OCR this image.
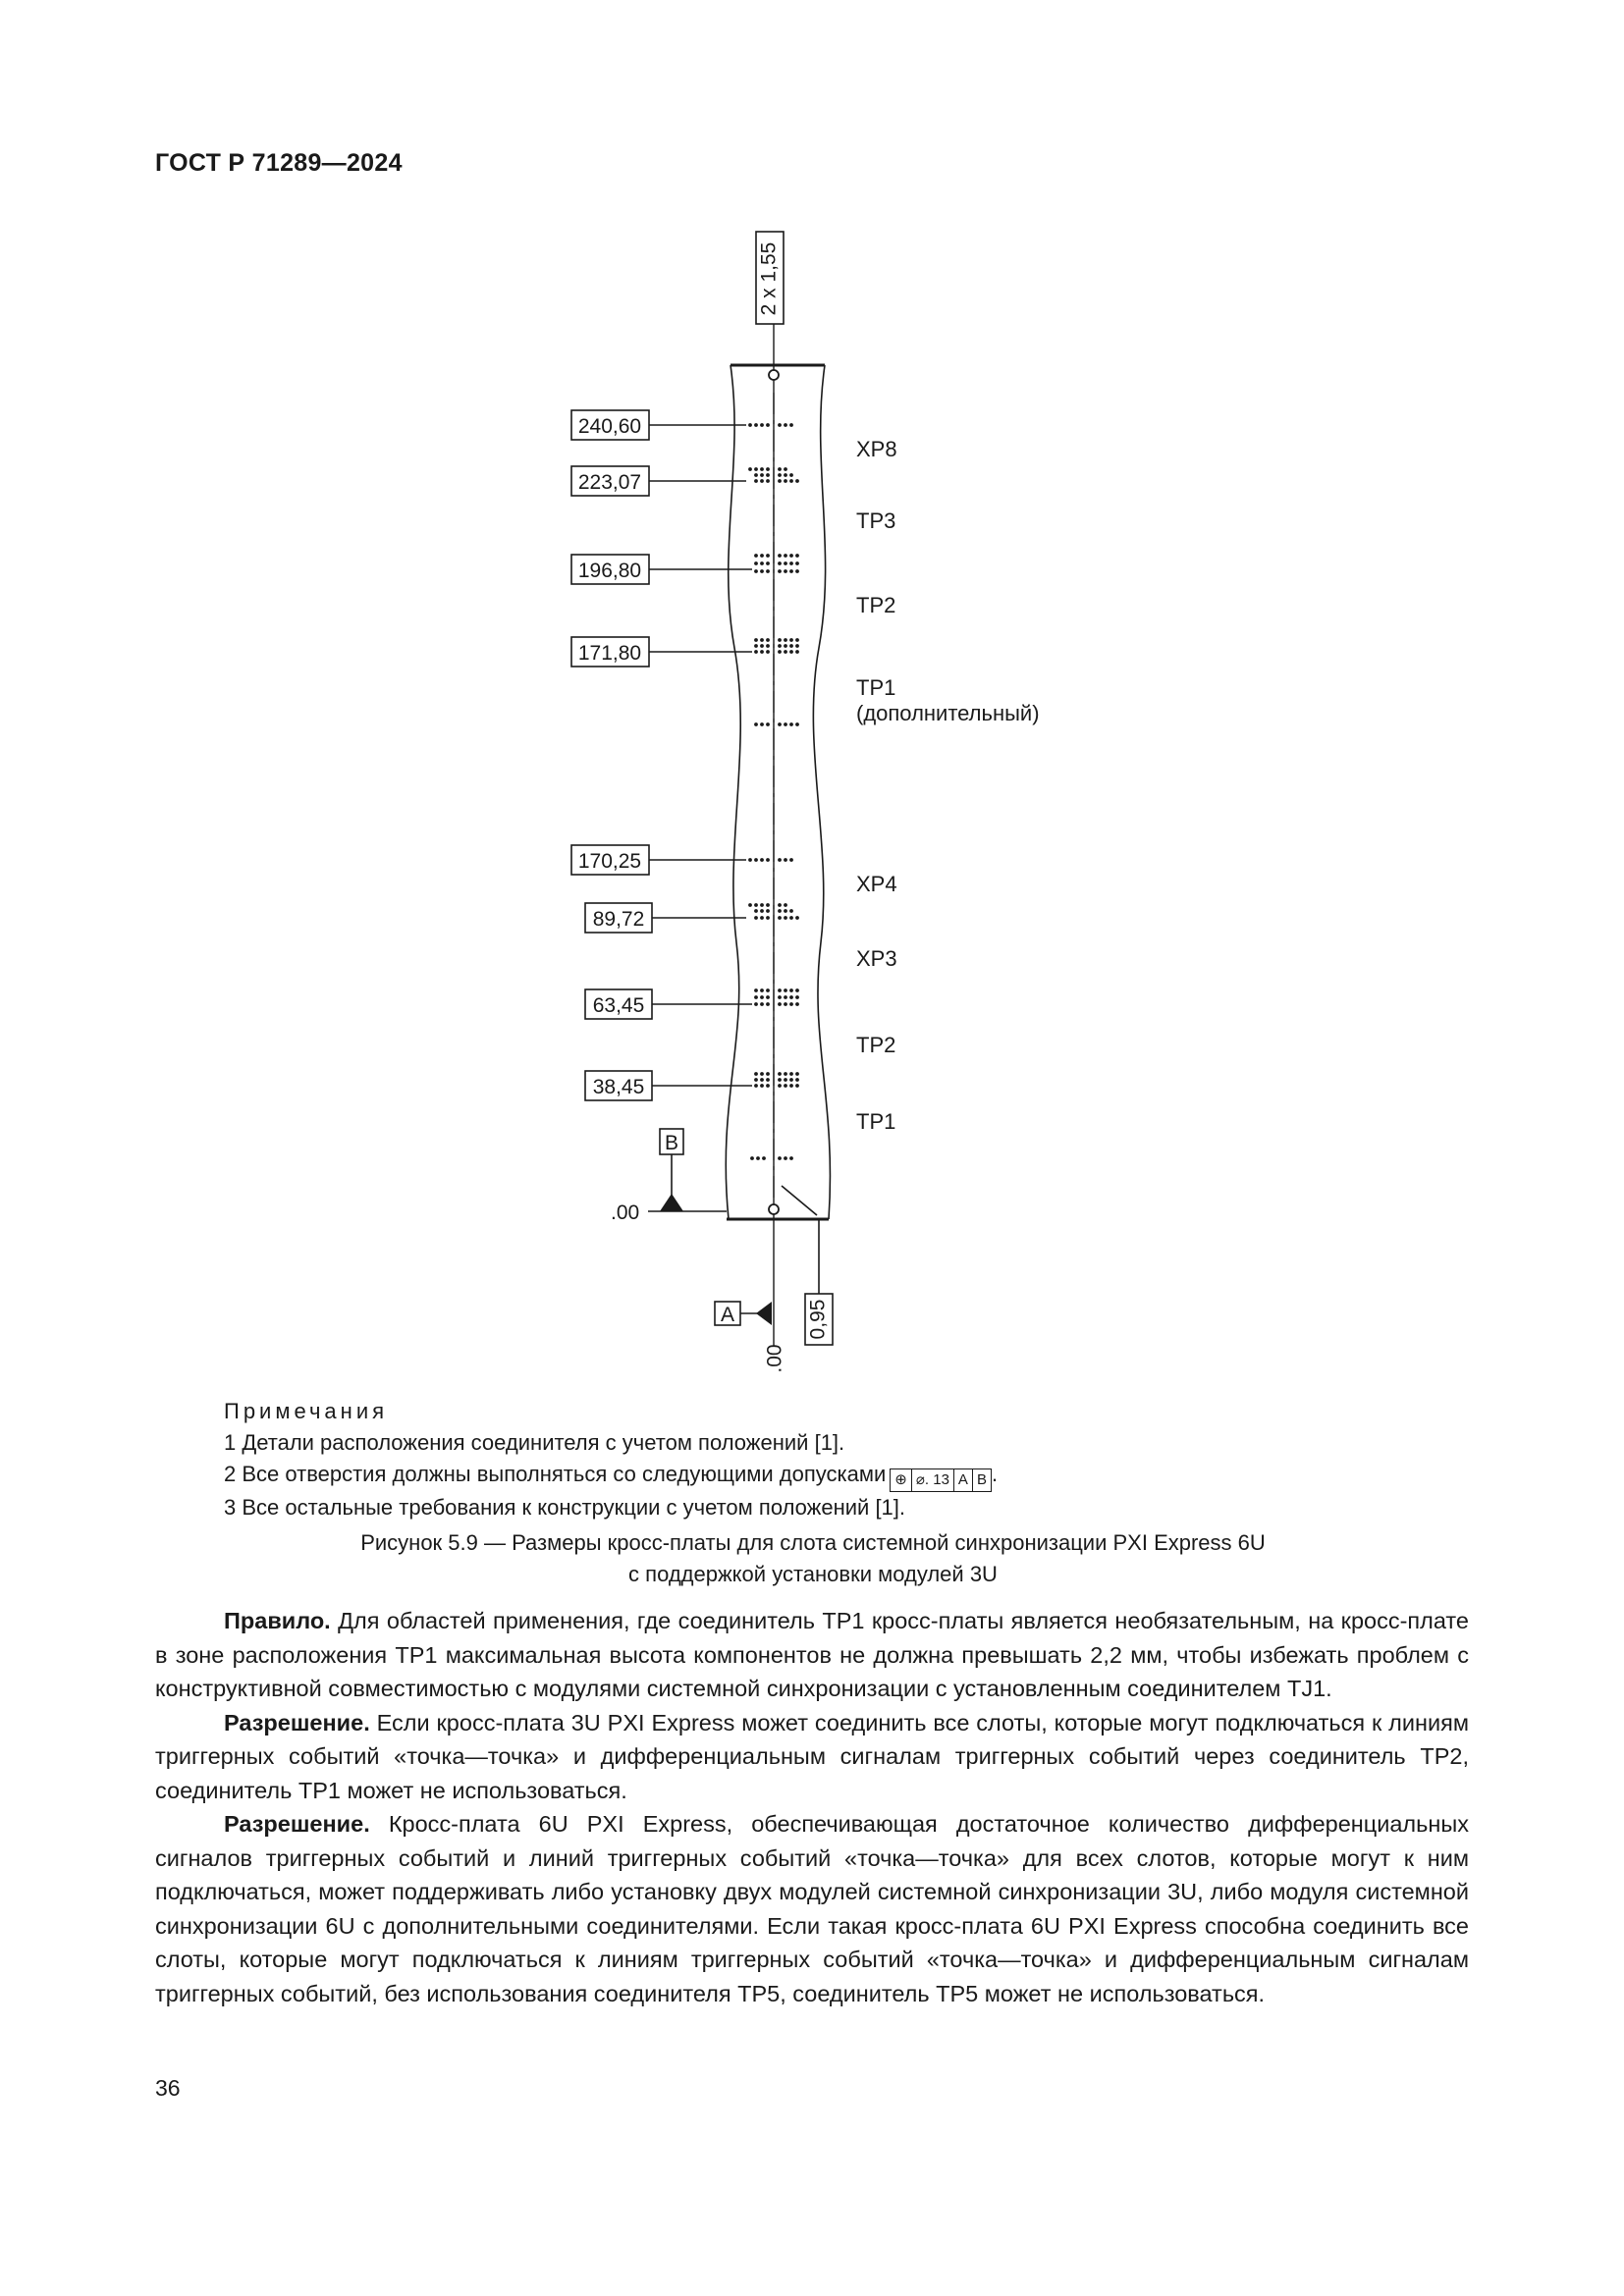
ГОСТ Р 71289—2024
2 x 1,55
240,60
223,07
196,80
171,80
170,25
89,72
63,45
38,45
B
A
.00
.00
0,95
XP8
TP3
TP2
TP1
(дополнительный)
XP4
XP3
TP2
TP1
Примечания
1 Детали расположения соединителя с учетом положений [1].
2 Все отверстия должны выполняться со следующими допусками ⊕ ⌀. 13 A B .
3 Все остальные требования к конструкции с учетом положений [1].
Рисунок 5.9 — Размеры кросс-платы для слота системной синхронизации PXI Express 6U
с поддержкой установки модулей 3U

Правило. Для областей применения, где соединитель TP1 кросс-платы является необязательным, на кросс-плате в зоне расположения TP1 максимальная высота компонентов не должна превышать 2,2 мм, чтобы избежать проблем с конструктивной совместимостью с модулями системной синхронизации с установленным соединителем TJ1.

Разрешение. Если кросс-плата 3U PXI Express может соединить все слоты, которые могут подключаться к линиям триггерных событий «точка—точка» и дифференциальным сигналам триггерных событий через соединитель TP2, соединитель TP1 может не использоваться.

Разрешение. Кросс-плата 6U PXI Express, обеспечивающая достаточное количество дифференциальных сигналов триггерных событий и линий триггерных событий «точка—точка» для всех слотов, которые могут к ним подключаться, может поддерживать либо установку двух модулей системной синхронизации 3U, либо модуля системной синхронизации 6U с дополнительными соединителями. Если такая кросс-плата 6U PXI Express способна соединить все слоты, которые могут подключаться к линиям триггерных событий «точка—точка» и дифференциальным сигналам триггерных событий, без использования соединителя TP5, соединитель TP5 может не использоваться.

36
